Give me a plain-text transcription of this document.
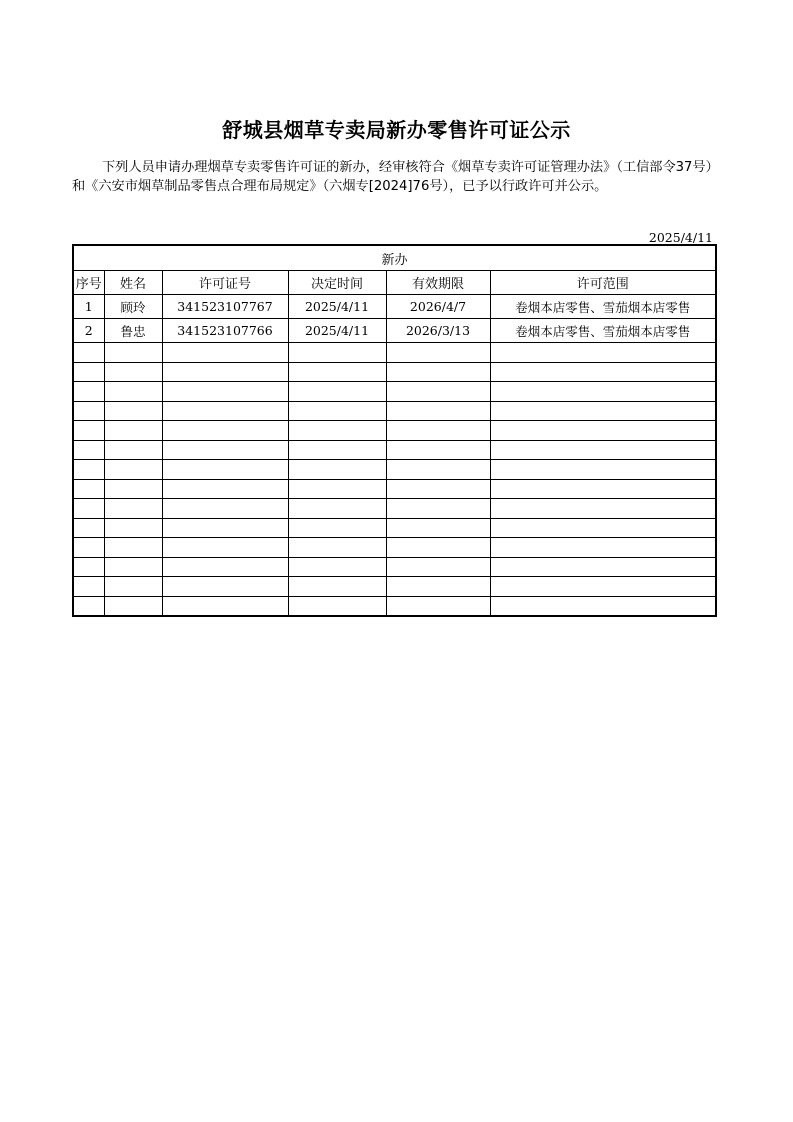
舒城县烟草专卖局新办零售许可证公示
下列人员申请办理烟草专卖零售许可证的新办，经审核符合《烟草专卖许可证管理办法》（工信部令37号）和《六安市烟草制品零售点合理布局规定》（六烟专[2024]76号），已予以行政许可并公示。
2025/4/11
新办					
序号	姓名	许可证号	决定时间	有效期限	许可范围
1	顾玲	341523107767	2025/4/11	2026/4/7	卷烟本店零售、雪茄烟本店零售
2	鲁忠	341523107766	2025/4/11	2026/3/13	卷烟本店零售、雪茄烟本店零售
